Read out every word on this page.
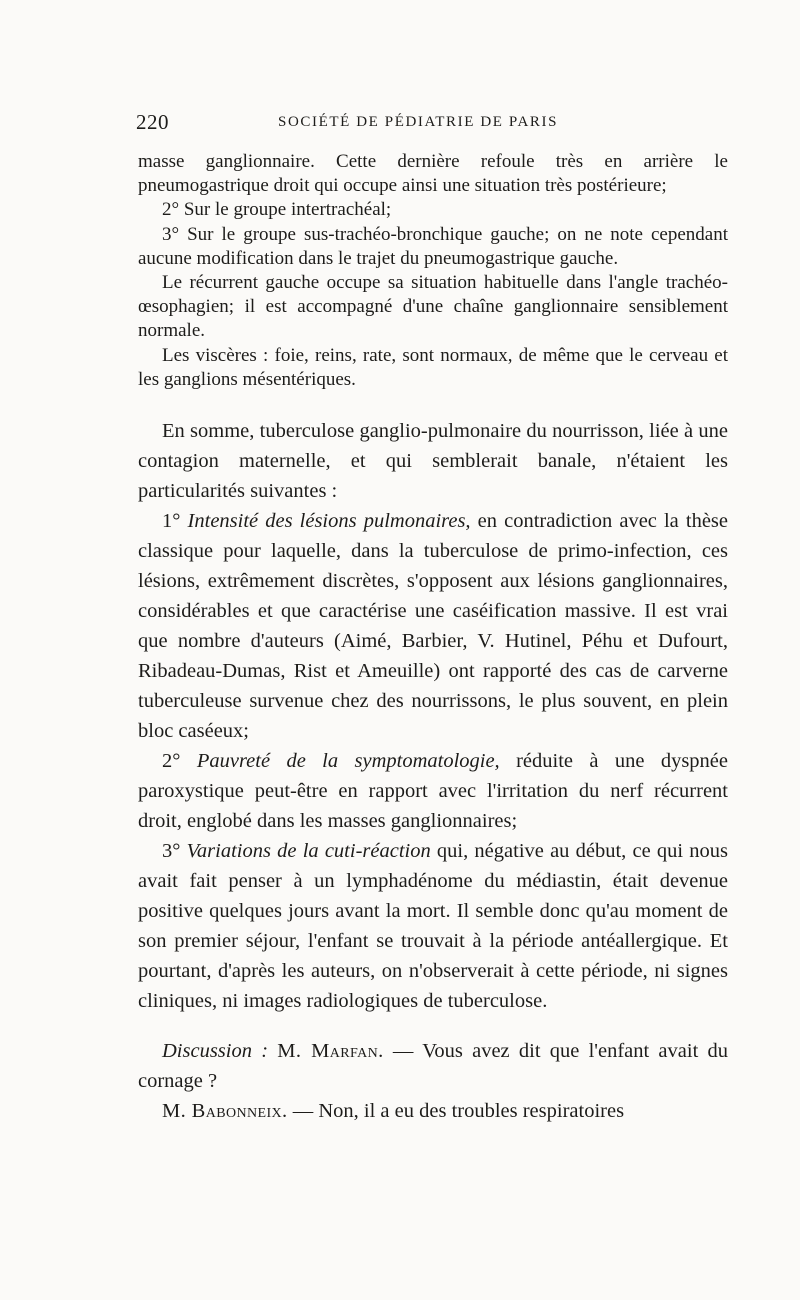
220	SOCIÉTÉ DE PÉDIATRIE DE PARIS

masse ganglionnaire. Cette dernière refoule très en arrière le pneumogastrique droit qui occupe ainsi une situation très postérieure;

2° Sur le groupe intertrachéal;

3° Sur le groupe sus-trachéo-bronchique gauche; on ne note cependant aucune modification dans le trajet du pneumogastrique gauche.

Le récurrent gauche occupe sa situation habituelle dans l'angle trachéo-œsophagien; il est accompagné d'une chaîne ganglionnaire sensiblement normale.

Les viscères : foie, reins, rate, sont normaux, de même que le cerveau et les ganglions mésentériques.

En somme, tuberculose ganglio-pulmonaire du nourrisson, liée à une contagion maternelle, et qui semblerait banale, n'étaient les particularités suivantes :

1° Intensité des lésions pulmonaires, en contradiction avec la thèse classique pour laquelle, dans la tuberculose de primo-infection, ces lésions, extrêmement discrètes, s'opposent aux lésions ganglionnaires, considérables et que caractérise une caséification massive. Il est vrai que nombre d'auteurs (Aimé, Barbier, V. Hutinel, Péhu et Dufourt, Ribadeau-Dumas, Rist et Ameuille) ont rapporté des cas de carverne tuberculeuse survenue chez des nourrissons, le plus souvent, en plein bloc caséeux;

2° Pauvreté de la symptomatologie, réduite à une dyspnée paroxystique peut-être en rapport avec l'irritation du nerf récurrent droit, englobé dans les masses ganglionnaires;

3° Variations de la cuti-réaction qui, négative au début, ce qui nous avait fait penser à un lymphadénome du médiastin, était devenue positive quelques jours avant la mort. Il semble donc qu'au moment de son premier séjour, l'enfant se trouvait à la période antéallergique. Et pourtant, d'après les auteurs, on n'observerait à cette période, ni signes cliniques, ni images radiologiques de tuberculose.

Discussion : M. Marfan. — Vous avez dit que l'enfant avait du cornage ?

M. Babonneix. — Non, il a eu des troubles respiratoires
